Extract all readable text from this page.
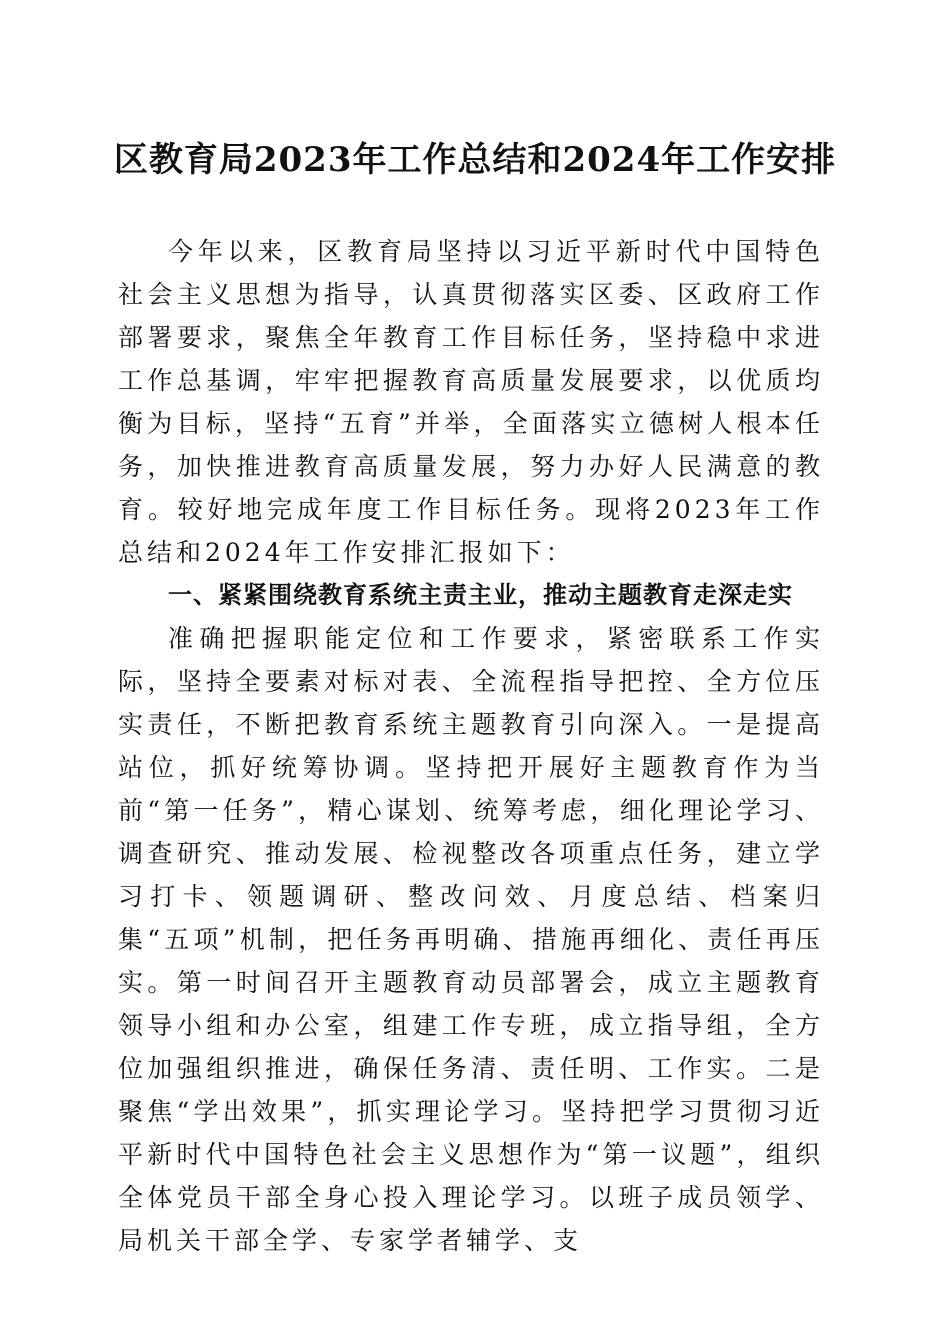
区教育局2023年工作总结和2024年工作安排

今年以来，区教育局坚持以习近平新时代中国特色社会主义思想为指导，认真贯彻落实区委、区政府工作部署要求，聚焦全年教育工作目标任务，坚持稳中求进工作总基调，牢牢把握教育高质量发展要求，以优质均衡为目标，坚持“五育”并举，全面落实立德树人根本任务，加快推进教育高质量发展，努力办好人民满意的教育。较好地完成年度工作目标任务。现将2023年工作总结和2024年工作安排汇报如下：

一、紧紧围绕教育系统主责主业，推动主题教育走深走实

准确把握职能定位和工作要求，紧密联系工作实际，坚持全要素对标对表、全流程指导把控、全方位压实责任，不断把教育系统主题教育引向深入。一是提高站位，抓好统筹协调。坚持把开展好主题教育作为当前“第一任务”，精心谋划、统筹考虑，细化理论学习、调查研究、推动发展、检视整改各项重点任务，建立学习打卡、领题调研、整改问效、月度总结、档案归集“五项”机制，把任务再明确、措施再细化、责任再压实。第一时间召开主题教育动员部署会，成立主题教育领导小组和办公室，组建工作专班，成立指导组，全方位加强组织推进，确保任务清、责任明、工作实。二是聚焦“学出效果”，抓实理论学习。坚持把学习贯彻习近平新时代中国特色社会主义思想作为“第一议题”，组织全体党员干部全身心投入理论学习。以班子成员领学、局机关干部全学、专家学者辅学、支
